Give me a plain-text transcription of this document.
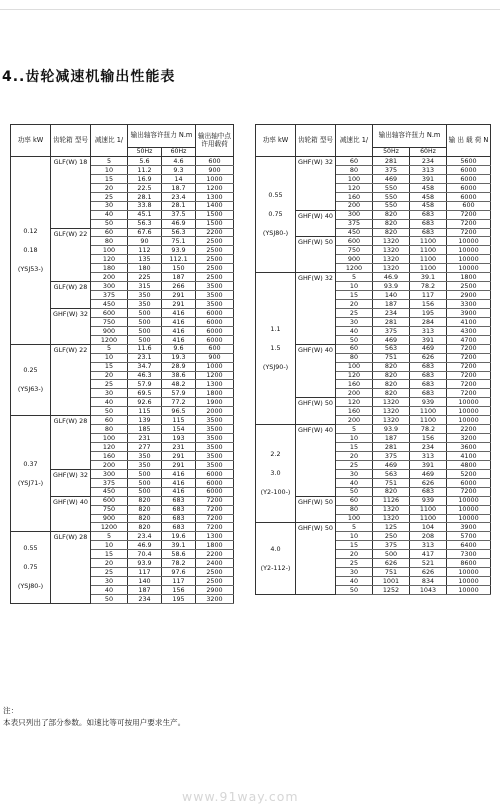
4..齿轮减速机输出性能表
功率 kW	齿轮箱 型号	减速比 1/	输出轴容许扭力 N.m		输出轴中点许用载荷
			50Hz	60Hz	

0.12
0.18
(YSJ53-)	GLF(W) 18	5	5.6	4.6	600
		10	11.2	9.3	900
		15	16.9	14	1000
		20	22.5	18.7	1200
		25	28.1	23.4	1300
		30	33.8	28.1	1400
		40	45.1	37.5	1500
		50	56.3	46.9	1500
	GLF(W) 22	60	67.6	56.3	2200
		80	90	75.1	2500
		100	112	93.9	2500
		120	135	112.1	2500
		180	180	150	2500
		200	225	187	2500
	GLF(W) 28	300	315	266	3500
		375	350	291	3500
		450	350	291	3500
	GHF(W) 32	600	500	416	6000
		750	500	416	6000
		900	500	416	6000
		1200	500	416	6000

0.25
(YSJ63-)	GLF(W) 22	5	11.6	9.6	600
		10	23.1	19.3	900
		15	34.7	28.9	1000
		20	46.3	38.6	1200
		25	57.9	48.2	1300
		30	69.5	57.9	1800
		40	92.6	77.2	1900
		50	115	96.5	2000

0.37
(YSJ71-)	GLF(W) 28	60	139	115	3500
		80	185	154	3500
		100	231	193	3500
		120	277	231	3500
		160	350	291	3500
		200	350	291	3500
	GHF(W) 32	300	500	416	6000
		375	500	416	6000
		450	500	416	6000
	GHF(W) 40	600	820	683	7200
		750	820	683	7200
		900	820	683	7200
		1200	820	683	7200

0.55
0.75
(YSJ80-)	GLF(W) 28	5	23.4	19.6	1300
		10	46.9	39.1	1800
		15	70.4	58.6	2200
		20	93.9	78.2	2400
		25	117	97.6	2500
		30	140	117	2500
		40	187	156	2900
		50	234	195	3200
功率 kW	齿轮箱 型号	减速比 1/	输出轴容许扭力 N.m		输 出 载 荷 N
			50Hz	60Hz	

0.55
0.75
(YSJ80-)	GHF(W) 32	60	281	234	5600
		80	375	313	6000
		100	469	391	6000
		120	550	458	6000
		160	550	458	6000
		200	550	458	600
	GHF(W) 40	300	820	683	7200
		375	820	683	7200
		450	820	683	7200
	GHF(W) 50	600	1320	1100	10000
		750	1320	1100	10000
		900	1320	1100	10000
		1200	1320	1100	10000

1.1
1.5
(YSJ90-)	GHF(W) 32	5	46.9	39.1	1800
		10	93.9	78.2	2500
		15	140	117	2900
		20	187	156	3300
		25	234	195	3900
		30	281	284	4100
		40	375	313	4300
		50	469	391	4700
	GHF(W) 40	60	563	469	7200
		80	751	626	7200
		100	820	683	7200
		120	820	683	7200
		160	820	683	7200
		200	820	683	7200
	GHF(W) 50	120	1320	939	10000
		160	1320	1100	10000
		200	1320	1100	10000

2.2
3.0
(Y2-100-)	GHF(W) 40	5	93.9	78.2	2200
		10	187	156	3200
		15	281	234	3600
		20	375	313	4100
		25	469	391	4800
		30	563	469	5200
		40	751	626	6000
		50	820	683	7200
	GHF(W) 50	60	1126	939	10000
		80	1320	1100	10000
		100	1320	1100	10000

4.0
(Y2-112-)	GHF(W) 50	5	125	104	3900
		10	250	208	5700
		15	375	313	6400
		20	500	417	7300
		25	626	521	8600
		30	751	626	10000
		40	1001	834	10000
		50	1252	1043	10000
注：
本表只列出了部分参数。如速比等可按用户要求生产。
www.91way.com
